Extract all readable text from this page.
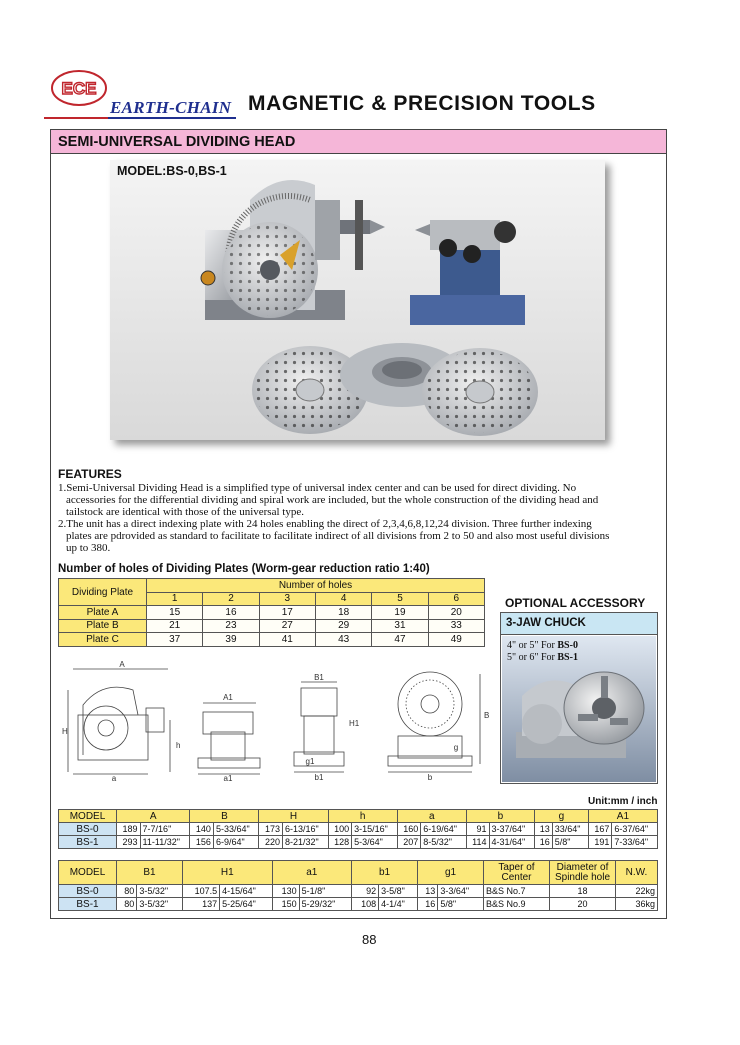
ECE
EARTH-CHAIN MAGNETIC & PRECISION TOOLS
SEMI-UNIVERSAL DIVIDING HEAD
MODEL:BS-0,BS-1
FEATURES
1.Semi-Universal Dividing Head is a simplified type of universal index center and can be used for direct dividing. No
accessories for the differential dividing and spiral work are included, but the whole construction of the dividing head and
tailstock are identical with those of the universal type.
2.The unit has a direct indexing plate with 24 holes enabling the direct of 2,3,4,6,8,12,24 division. Three further indexing
plates are pdrovided as standard to facilitate to facilitate indirect of all divisions from 2 to 50 and also most useful divisions
up to 380.
Number of holes of Dividing Plates (Worm-gear reduction ratio 1:40)
Dividing Plate	Number of holes					
	1	2	3	4	5	6
Plate A	15	16	17	18	19	20
Plate B	21	23	27	29	31	33
Plate C	37	39	41	43	47	49
OPTIONAL ACCESSORY
3-JAW CHUCK
4" or 5" For BS-0
5" or 6" For BS-1
A
H
h
a
A1
a1
B1
H1
g1
b1
g
b
B
Unit:mm / inch
MODEL	A		B		H		h		a		b		g		A1	
BS-0	189	7-7/16"	140	5-33/64"	173	6-13/16"	100	3-15/16"	160	6-19/64"	91	3-37/64"	13	33/64"	167	6-37/64"
BS-1	293	11-11/32"	156	6-9/64"	220	8-21/32"	128	5-3/64"	207	8-5/32"	114	4-31/64"	16	5/8"	191	7-33/64"
MODEL	B1		H1		a1		b1		g1		Taper of Center	Diameter of Spindle hole	N.W.
BS-0	80	3-5/32"	107.5	4-15/64"	130	5-1/8"	92	3-5/8"	13	3-3/64"	B&S No.7	18	22kg
BS-1	80	3-5/32"	137	5-25/64"	150	5-29/32"	108	4-1/4"	16	5/8"	B&S No.9	20	36kg
88
